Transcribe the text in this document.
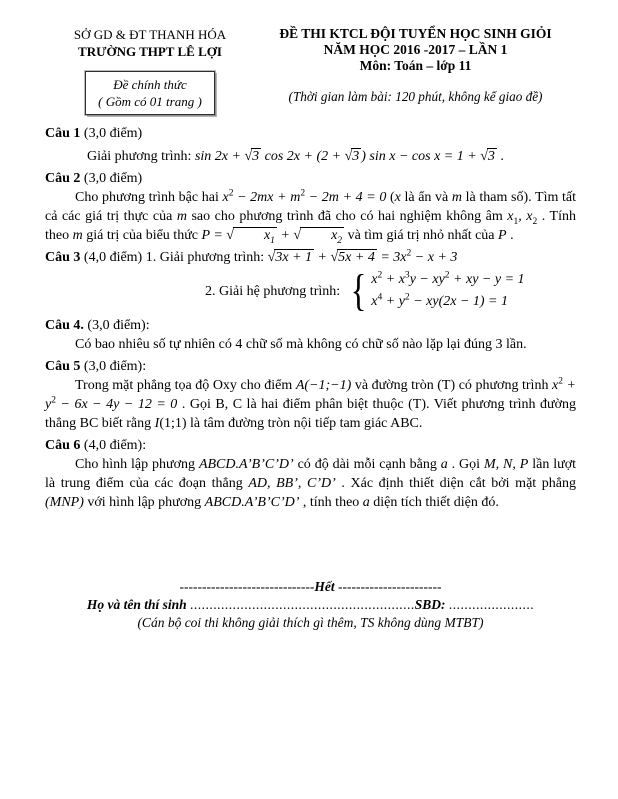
SỞ GD & ĐT THANH HÓA
TRƯỜNG THPT LÊ LỢI
Đề chính thức
( Gồm có 01 trang )
ĐỀ THI KTCL ĐỘI TUYỂN HỌC SINH GIỎI
NĂM HỌC 2016 -2017 – LẦN 1
Môn: Toán – lớp 11
(Thời gian làm bài: 120 phút, không kể giao đề)
Câu 1 (3,0 điểm)
Giải phương trình: sin 2x + √3 cos 2x + (2 + √3 ) sin x − cos x = 1 + √3 .
Câu 2 (3,0 điểm)

Cho phương trình bậc hai $x^2 - 2mx + m^2 - 2m + 4 = 0$ (x là ẩn và m là tham số). Tìm tất cả các giá trị thực của m sao cho phương trình đã cho có hai nghiệm không âm $x_1$, $x_2$ . Tính theo m giá trị của biểu thức P = √ $x_1$ + √ $x_2$ và tìm giá trị nhỏ nhất của P .

Câu 3 (4,0 điểm) 1. Giải phương trình: $√3x + 1 + √5x + 4 = 3x^2 - x + 3$
2. Giải hệ phương trình: { $x^2 + x^3y - xy^2$ + xy − y = 1
$x^4 + y^2 - xy(2x - 1) = 1$
Câu 4. (3,0 điểm):

Có bao nhiêu số tự nhiên có 4 chữ số mà không có chữ số nào lặp lại đúng 3 lần.

Câu 5 (3,0 điểm):

Trong mặt phẳng tọa độ Oxy cho điểm A(−1;−1) và đường tròn (T) có phương trình $x^2 + y^2 - 6x - 4y - 12 = 0$ . Gọi B, C là hai điểm phân biệt thuộc (T). Viết phương trình đường thẳng BC biết rằng I(1;1) là tâm đường tròn nội tiếp tam giác ABC.

Câu 6 (4,0 điểm):

Cho hình lập phương ABCD.A’B’C’D’ có độ dài mỗi cạnh bằng a . Gọi M, N, P lần lượt là trung điểm của các đoạn thẳng AD, BB’, C’D’ . Xác định thiết diện cắt bởi mặt phẳng (MNP) với hình lập phương ABCD.A’B’C’D’ , tính theo a diện tích thiết diện đó.

------------------------------Hết -----------------------
Họ và tên thí sinh ..........................................................SBD: ......................
(Cán bộ coi thi không giải thích gì thêm, TS không dùng MTBT)
